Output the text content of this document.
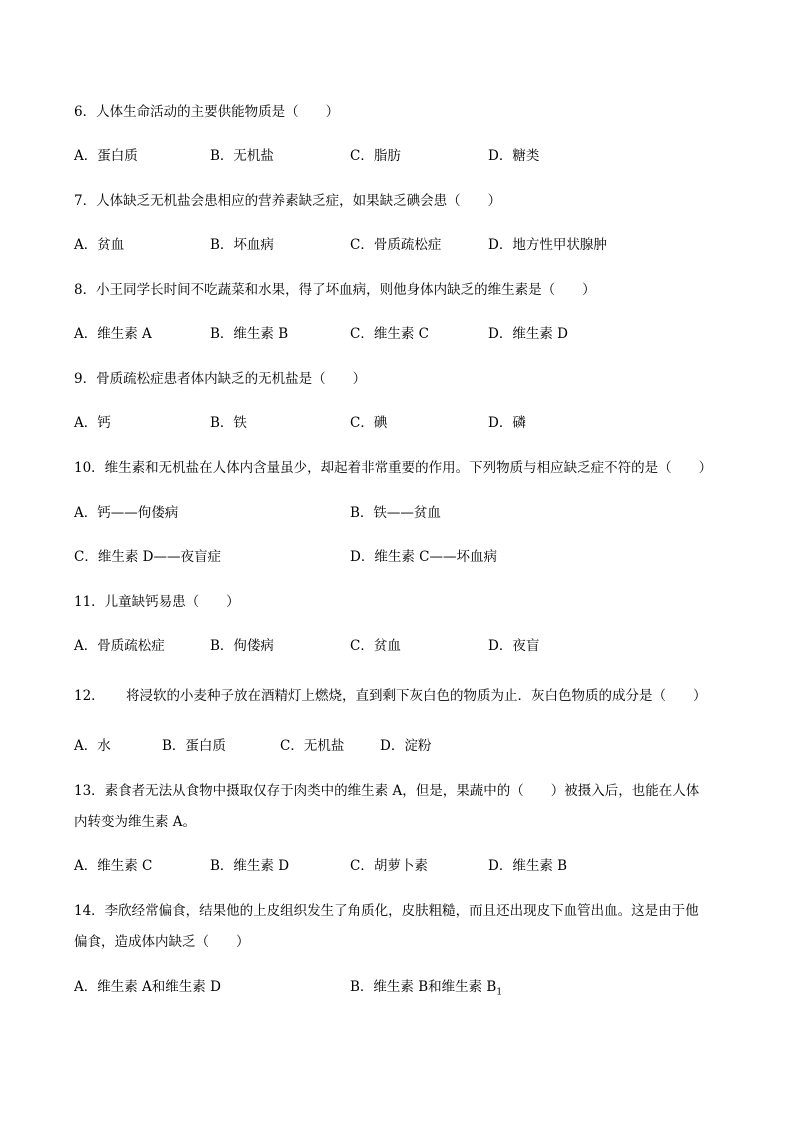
6．人体生命活动的主要供能物质是（　　）
A．蛋白质	B．无机盐	C．脂肪	D．糖类
7．人体缺乏无机盐会患相应的营养素缺乏症，如果缺乏碘会患（　　）
A．贫血	B．坏血病	C．骨质疏松症	D．地方性甲状腺肿
8．小王同学长时间不吃蔬菜和水果，得了坏血病，则他身体内缺乏的维生素是（　　）
A．维生素 A	B．维生素 B	C．维生素 C	D．维生素 D
9．骨质疏松症患者体内缺乏的无机盐是（　　）
A．钙	B．铁	C．碘	D．磷
10．维生素和无机盐在人体内含量虽少，却起着非常重要的作用。下列物质与相应缺乏症不符的是（　　）
A．钙——佝偻病	B．铁——贫血
C．维生素 D——夜盲症	D．维生素 C——坏血病
11．儿童缺钙易患（　　）
A．骨质疏松症	B．佝偻病	C．贫血	D．夜盲
12． 将浸软的小麦种子放在酒精灯上燃烧，直到剩下灰白色的物质为止．灰白色物质的成分是（　　）
A．水	B．蛋白质	C．无机盐	D．淀粉
13．素食者无法从食物中摄取仅存于肉类中的维生素 A，但是，果蔬中的（　　）被摄入后，也能在人体
内转变为维生素 A。
A．维生素 C	B．维生素 D	C．胡萝卜素	D．维生素 B
14．李欣经常偏食，结果他的上皮组织发生了角质化，皮肤粗糙，而且还出现皮下血管出血。这是由于他
偏食，造成体内缺乏（　　）
A．维生素 A和维生素 D	B．维生素 B和维生素 $B_1$
